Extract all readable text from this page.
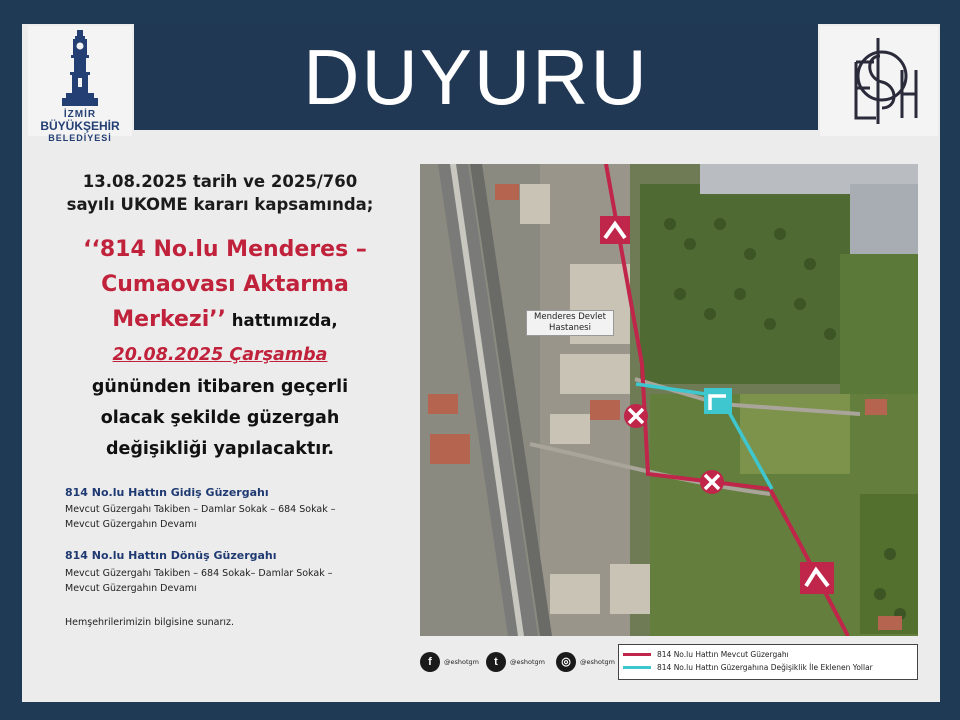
İZMİR
BÜYÜKŞEHİR
BELEDİYESİ
DUYURU
13.08.2025 tarih ve 2025/760
sayılı UKOME kararı kapsamında;
‘‘814 No.lu Menderes –
Cumaovası Aktarma
Merkezi’’ hattımızda,
20.08.2025 Çarşamba
gününden itibaren geçerli
olacak şekilde güzergah
değişikliği yapılacaktır.
814 No.lu Hattın Gidiş Güzergahı
Mevcut Güzergahı Takiben – Damlar Sokak – 684 Sokak –
Mevcut Güzergahın Devamı
814 No.lu Hattın Dönüş Güzergahı
Mevcut Güzergahı Takiben – 684 Sokak– Damlar Sokak –
Mevcut Güzergahın Devamı
Hemşehrilerimizin bilgisine sunarız.
Menderes Devlet
Hastanesi
f	@eshotgm	t	@eshotgm	◎	@eshotgm
814 No.lu Hattın Mevcut Güzergahı
814 No.lu Hattın Güzergahına Değişiklik İle Eklenen Yollar
